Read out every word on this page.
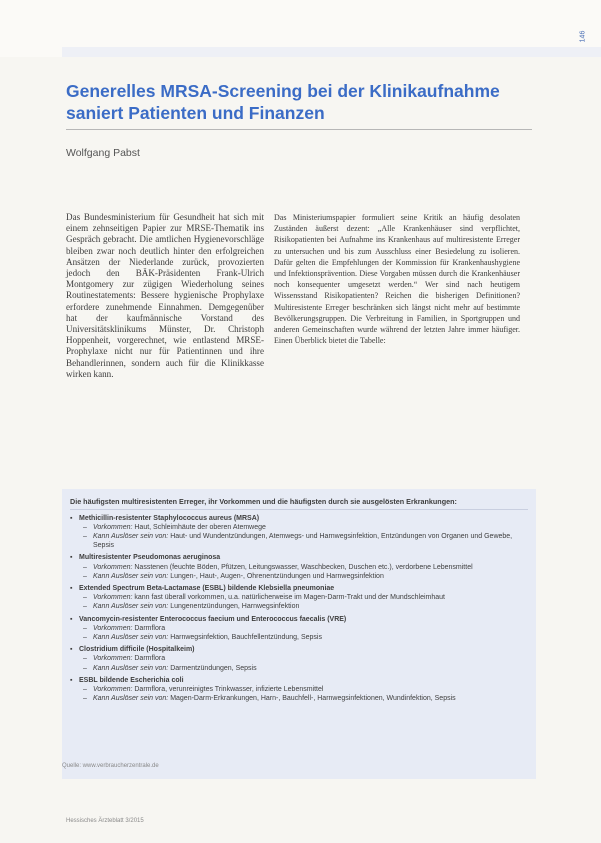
146
Generelles MRSA-Screening bei der Klinikaufnahme saniert Patienten und Finanzen
Wolfgang Pabst

Das Bundesministerium für Gesundheit hat sich mit einem zehnseitigen Papier zur MRSE-Thematik ins Gespräch gebracht. Die amtlichen Hygienevorschläge bleiben zwar noch deutlich hinter den erfolgreichen Ansätzen der Niederlande zurück, provozierten jedoch den BÄK-Präsidenten Frank-Ulrich Montgomery zur zügigen Wiederholung seines Routinestatements: Bessere hygienische Prophylaxe erfordere zunehmende Einnahmen. Demgegenüber hat der kaufmännische Vorstand des Universitätsklinikums Münster, Dr. Christoph Hoppenheit, vorgerechnet, wie entlastend MRSE-Prophylaxe nicht nur für Patientinnen und ihre Behandlerinnen, sondern auch für die Klinikkasse wirken kann.

Das Ministeriumspapier formuliert seine Kritik an häufig desolaten Zuständen äußerst dezent: „Alle Krankenhäuser sind verpflichtet, Risikopatienten bei Aufnahme ins Krankenhaus auf multiresistente Erreger zu untersuchen und bis zum Ausschluss einer Besiedelung zu isolieren. Dafür gelten die Empfehlungen der Kommission für Krankenhaushygiene und Infektionsprävention. Diese Vorgaben müssen durch die Krankenhäuser noch konsequenter umgesetzt werden.“ Wer sind nach heutigem Wissensstand Risikopatienten? Reichen die bisherigen Definitionen? Multiresistente Erreger beschränken sich längst nicht mehr auf bestimmte Bevölkerungsgruppen. Die Verbreitung in Familien, in Sportgruppen und anderen Gemeinschaften wurde während der letzten Jahre immer häufiger. Einen Überblick bietet die Tabelle:

Die häufigsten multiresistenten Erreger, ihr Vorkommen und die häufigsten durch sie ausgelösten Erkrankungen:
▪ Methicillin-resistenter Staphylococcus aureus (MRSA)
– Vorkommen: Haut, Schleimhäute der oberen Atemwege
– Kann Auslöser sein von: Haut- und Wundentzündungen, Atemwegs- und Harnwegsinfektion, Entzündungen von Organen und Gewebe, Sepsis
▪ Multiresistenter Pseudomonas aeruginosa
– Vorkommen: Nasstenen (feuchte Böden, Pfützen, Leitungswasser, Waschbecken, Duschen etc.), verdorbene Lebensmittel
– Kann Auslöser sein von: Lungen-, Haut-, Augen-, Ohrenentzündungen und Harnwegsinfektion
▪ Extended Spectrum Beta-Lactamase (ESBL) bildende Klebsiella pneumoniae
– Vorkommen: kann fast überall vorkommen, u.a. natürlicherweise im Magen-Darm-Trakt und der Mundschleimhaut
– Kann Auslöser sein von: Lungenentzündungen, Harnwegsinfektion
▪ Vancomycin-resistenter Enterococcus faecium und Enterococcus faecalis (VRE)
– Vorkommen: Darmflora
– Kann Auslöser sein von: Harnwegsinfektion, Bauchfellentzündung, Sepsis
▪ Clostridium difficile (Hospitalkeim)
– Vorkommen: Darmflora
– Kann Auslöser sein von: Darmentzündungen, Sepsis
▪ ESBL bildende Escherichia coli
– Vorkommen: Darmflora, verunreinigtes Trinkwasser, infizierte Lebensmittel
– Kann Auslöser sein von: Magen-Darm-Erkrankungen, Harn-, Bauchfell-, Harnwegsinfektionen, Wundinfektion, Sepsis
Quelle: www.verbraucherzentrale.de
Hessisches Ärzteblatt 3/2015
